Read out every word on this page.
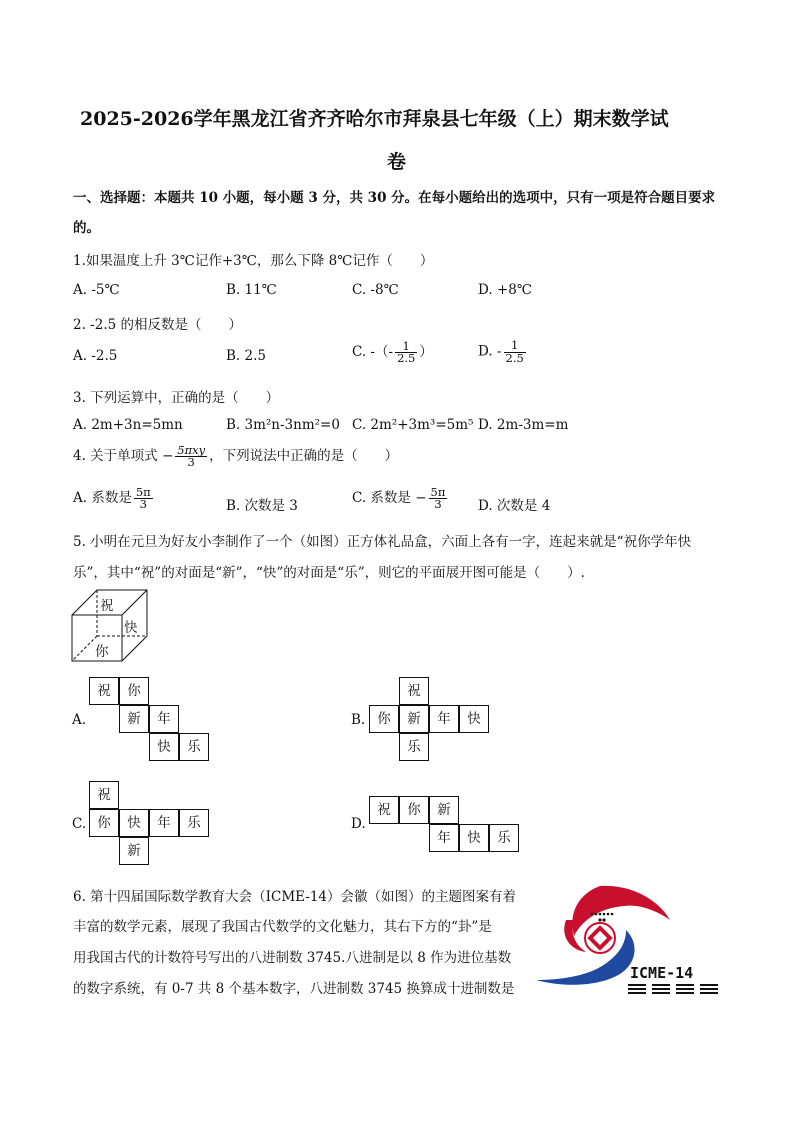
2025-2026学年黑龙江省齐齐哈尔市拜泉县七年级（上）期末数学试
卷
一、选择题：本题共 10 小题，每小题 3 分，共 30 分。在每小题给出的选项中，只有一项是符合题目要求
的。
1.如果温度上升 3℃记作+3℃，那么下降 8℃记作（　　）
A. -5℃	B. 11℃	C. -8℃	D. +8℃
2. -2.5 的相反数是（　　）
A. -2.5	B. 2.5	C. -（- $\frac{1}{2.5}$ ）	D. - $\frac{1}{2.5}$
3. 下列运算中，正确的是（　　）
A. 2m+3n=5mn	B. 3m²n-3nm²=0 C. 2m²+3m³=5m⁵ D. 2m-3m=m
4. 关于单项式 − $\frac{\text{5πxy}}{3}$ ，下列说法中正确的是（　　）
A. 系数是 $\frac{5\pi}{3}$	B. 次数是 3	C. 系数是 − $\frac{5\pi}{3} D$. 次数是 4
5. 小明在元旦为好友小李制作了一个（如图）正方体礼品盒，六面上各有一字，连起来就是“祝你学年快
乐”，其中“祝”的对面是“新”，“快”的对面是“乐”，则它的平面展开图可能是（　　）.
祝
快
你
A.
祝	你
新	年
快	乐
B.
祝
你	新	年	快
乐
C.
祝
你	快	年	乐
新
D.
祝	你	新
年	快	乐
6. 第十四届国际数学教育大会（ICME-14）会徽（如图）的主题图案有着
丰富的数学元素，展现了我国古代数学的文化魅力，其右下方的“卦”是
用我国古代的计数符号写出的八进制数 3745.八进制是以 8 作为进位基数
的数字系统，有 0-7 共 8 个基本数字，八进制数 3745 换算成十进制数是
ICME-14
